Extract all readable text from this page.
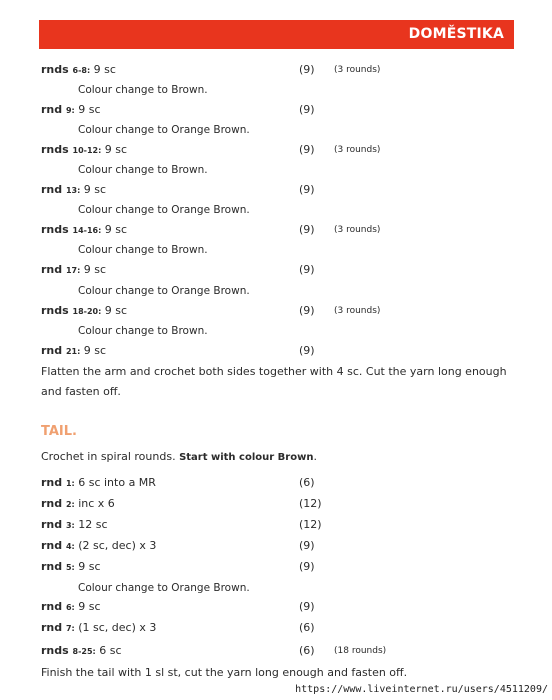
DOMĚSTIKA
rnds 6-8: 9 sc	(9) (3 rounds)
Colour change to Brown.
rnd 9: 9 sc	(9)
Colour change to Orange Brown.
rnds 10-12: 9 sc	(9) (3 rounds)
Colour change to Brown.
rnd 13: 9 sc	(9)
Colour change to Orange Brown.
rnds 14-16: 9 sc	(9) (3 rounds)
Colour change to Brown.
rnd 17: 9 sc	(9)
Colour change to Orange Brown.
rnds 18-20: 9 sc	(9) (3 rounds)
Colour change to Brown.
rnd 21: 9 sc	(9)
Flatten the arm and crochet both sides together with 4 sc. Cut the yarn long enough and fasten off.
TAIL.
Crochet in spiral rounds. Start with colour Brown.
rnd 1: 6 sc into a MR	(6)
rnd 2: inc x 6	(12)
rnd 3: 12 sc	(12)
rnd 4: (2 sc, dec) x 3	(9)
rnd 5: 9 sc	(9)
Colour change to Orange Brown.
rnd 6: 9 sc	(9)
rnd 7: (1 sc, dec) x 3	(6)
rnds 8-25: 6 sc	(6) (18 rounds)
Finish the tail with 1 sl st, cut the yarn long enough and fasten off.
https://www.liveinternet.ru/users/4511209/
